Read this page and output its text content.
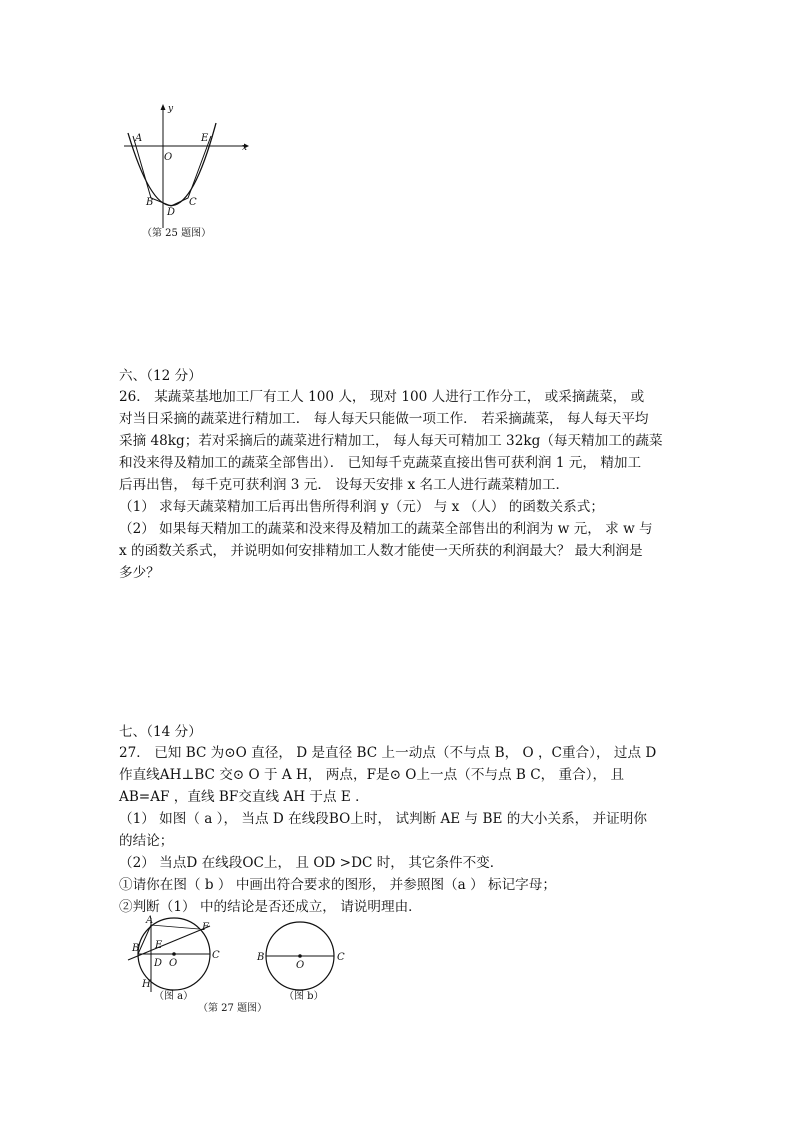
y
x
A	E
O
B
D
C
（第 25 题图）
六、（12 分）
26． 某蔬菜基地加工厂有工人 100 人， 现对 100 人进行工作分工， 或采摘蔬菜， 或
对当日采摘的蔬菜进行精加工． 每人每天只能做一项工作． 若采摘蔬菜， 每人每天平均
采摘 48kg；若对采摘后的蔬菜进行精加工， 每人每天可精加工 32kg（每天精加工的蔬菜
和没来得及精加工的蔬菜全部售出）． 已知每千克蔬菜直接出售可获利润 1 元， 精加工
后再出售， 每千克可获利润 3 元． 设每天安排 x 名工人进行蔬菜精加工．
（1） 求每天蔬菜精加工后再出售所得利润 y（元） 与 x （人） 的函数关系式；
（2） 如果每天精加工的蔬菜和没来得及精加工的蔬菜全部售出的利润为 w 元， 求 w 与
x 的函数关系式， 并说明如何安排精加工人数才能使一天所获的利润最大？ 最大利润是
多少？
七、（14 分）
27． 已知 BC 为⊙O 直径， D 是直径 BC 上一动点（不与点 B， O ，C重合）， 过点 D
作直线AH⊥BC 交⊙ O 于 A H， 两点，F是⊙ O上一点（不与点 B C， 重合）， 且
AB=AF ，直线 BF交直线 AH 于点 E ．
（1） 如图（ a ）， 当点 D 在线段BO上时， 试判断 AE 与 BE 的大小关系， 并证明你
的结论；
（2） 当点D 在线段OC上， 且 OD >DC 时， 其它条件不变．
①请你在图（ b ） 中画出符合要求的图形， 并参照图（a ） 标记字母；
②判断（1） 中的结论是否还成立， 请说明理由．
A
E
F
B
C
D O
H
（图 a）
B
O
C
（图 b）
（第 27 题图）
